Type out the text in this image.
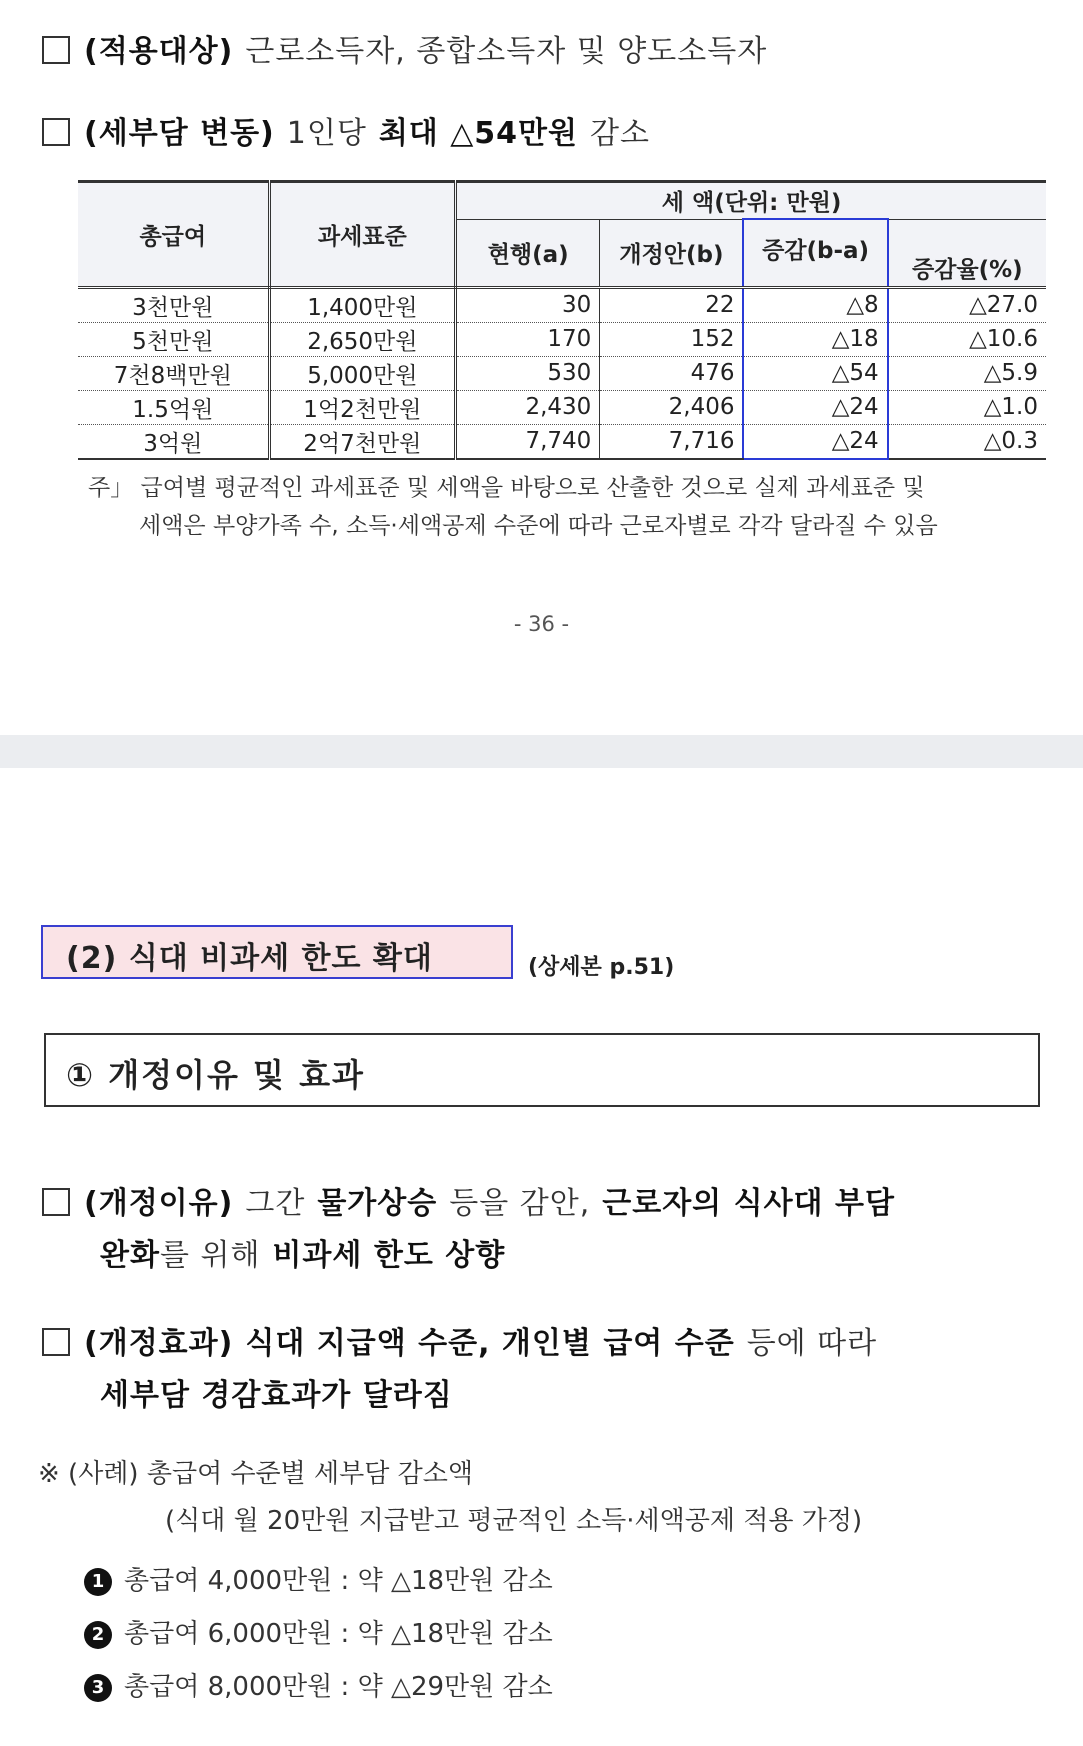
(적용대상) 근로소득자, 종합소득자 및 양도소득자
(세부담 변동) 1인당 최대 △54만원 감소
총급여	과세표준	세 액(단위: 만원)			
		현행(a)	개정안(b)	증감(b-a)	증감율(%)
3천만원	1,400만원	30	22	△8	△27.0
5천만원	2,650만원	170	152	△18	△10.6
7천8백만원	5,000만원	530	476	△54	△5.9
1.5억원	1억2천만원	2,430	2,406	△24	△1.0
3억원	2억7천만원	7,740	7,716	△24	△0.3
주」 급여별 평균적인 과세표준 및 세액을 바탕으로 산출한 것으로 실제 과세표준 및
세액은 부양가족 수, 소득·세액공제 수준에 따라 근로자별로 각각 달라질 수 있음
- 36 -
(2) 식대 비과세 한도 확대	(상세본 p.51)
① 개정이유 및 효과
(개정이유) 그간 물가상승 등을 감안, 근로자의 식사대 부담
완화를 위해 비과세 한도 상향
(개정효과) 식대 지급액 수준, 개인별 급여 수준 등에 따라
세부담 경감효과가 달라짐
※ (사례) 총급여 수준별 세부담 감소액
(식대 월 20만원 지급받고 평균적인 소득·세액공제 적용 가정)
1 총급여 4,000만원 : 약 △18만원 감소
2 총급여 6,000만원 : 약 △18만원 감소
3 총급여 8,000만원 : 약 △29만원 감소
